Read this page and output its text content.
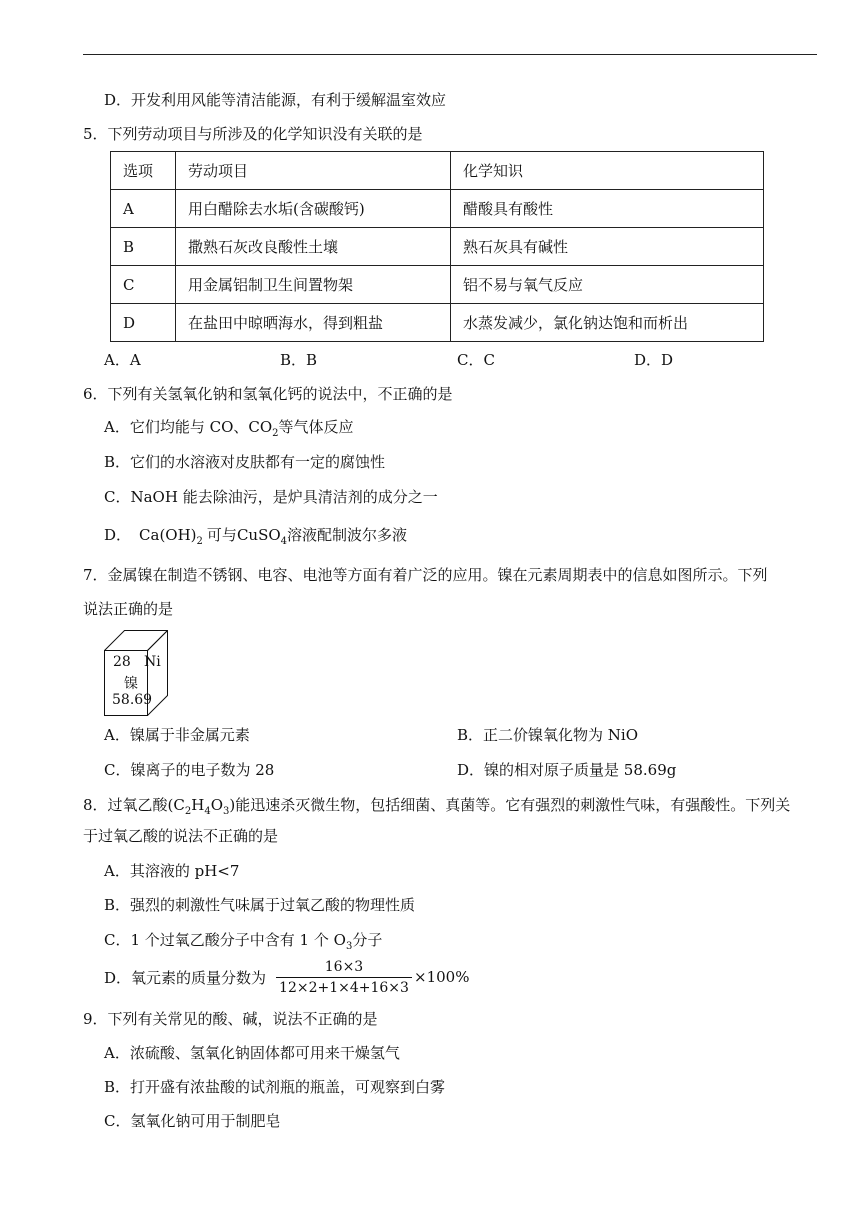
D．开发利用风能等清洁能源，有利于缓解温室效应
5．下列劳动项目与所涉及的化学知识没有关联的是
选项	劳动项目	化学知识
A	用白醋除去水垢(含碳酸钙)	醋酸具有酸性
B	撒熟石灰改良酸性土壤	熟石灰具有碱性
C	用金属铝制卫生间置物架	铝不易与氧气反应
D	在盐田中晾晒海水，得到粗盐	水蒸发减少，氯化钠达饱和而析出
A．A	B．B	C．C	D．D
6．下列有关氢氧化钠和氢氧化钙的说法中，不正确的是
A．它们均能与 CO、$CO_2$等气体反应
B．它们的水溶液对皮肤都有一定的腐蚀性
C．NaOH 能去除油污，是炉具清洁剂的成分之一
D． $Ca(OH)_2$ 可与CuSO$_4$溶液配制波尔多液
7．金属镍在制造不锈钢、电容、电池等方面有着广泛的应用。镍在元素周期表中的信息如图所示。下列
说法正确的是
28 Ni
镍
58.69
A．镍属于非金属元素	B．正二价镍氧化物为 NiO
C．镍离子的电子数为 28	D．镍的相对原子质量是 58.69g
8．过氧乙酸$(C_2H_4O_3)$能迅速杀灭微生物，包括细菌、真菌等。它有强烈的刺激性气味，有强酸性。下列关
于过氧乙酸的说法不正确的是
A．其溶液的 pH<7
B．强烈的刺激性气味属于过氧乙酸的物理性质
C．1 个过氧乙酸分子中含有 1 个 $O_3$分子
D．氧元素的质量分数为
16×3
12×2+1×4+16×3
×100%
9．下列有关常见的酸、碱，说法不正确的是
A．浓硫酸、氢氧化钠固体都可用来干燥氢气
B．打开盛有浓盐酸的试剂瓶的瓶盖，可观察到白雾
C．氢氧化钠可用于制肥皂
